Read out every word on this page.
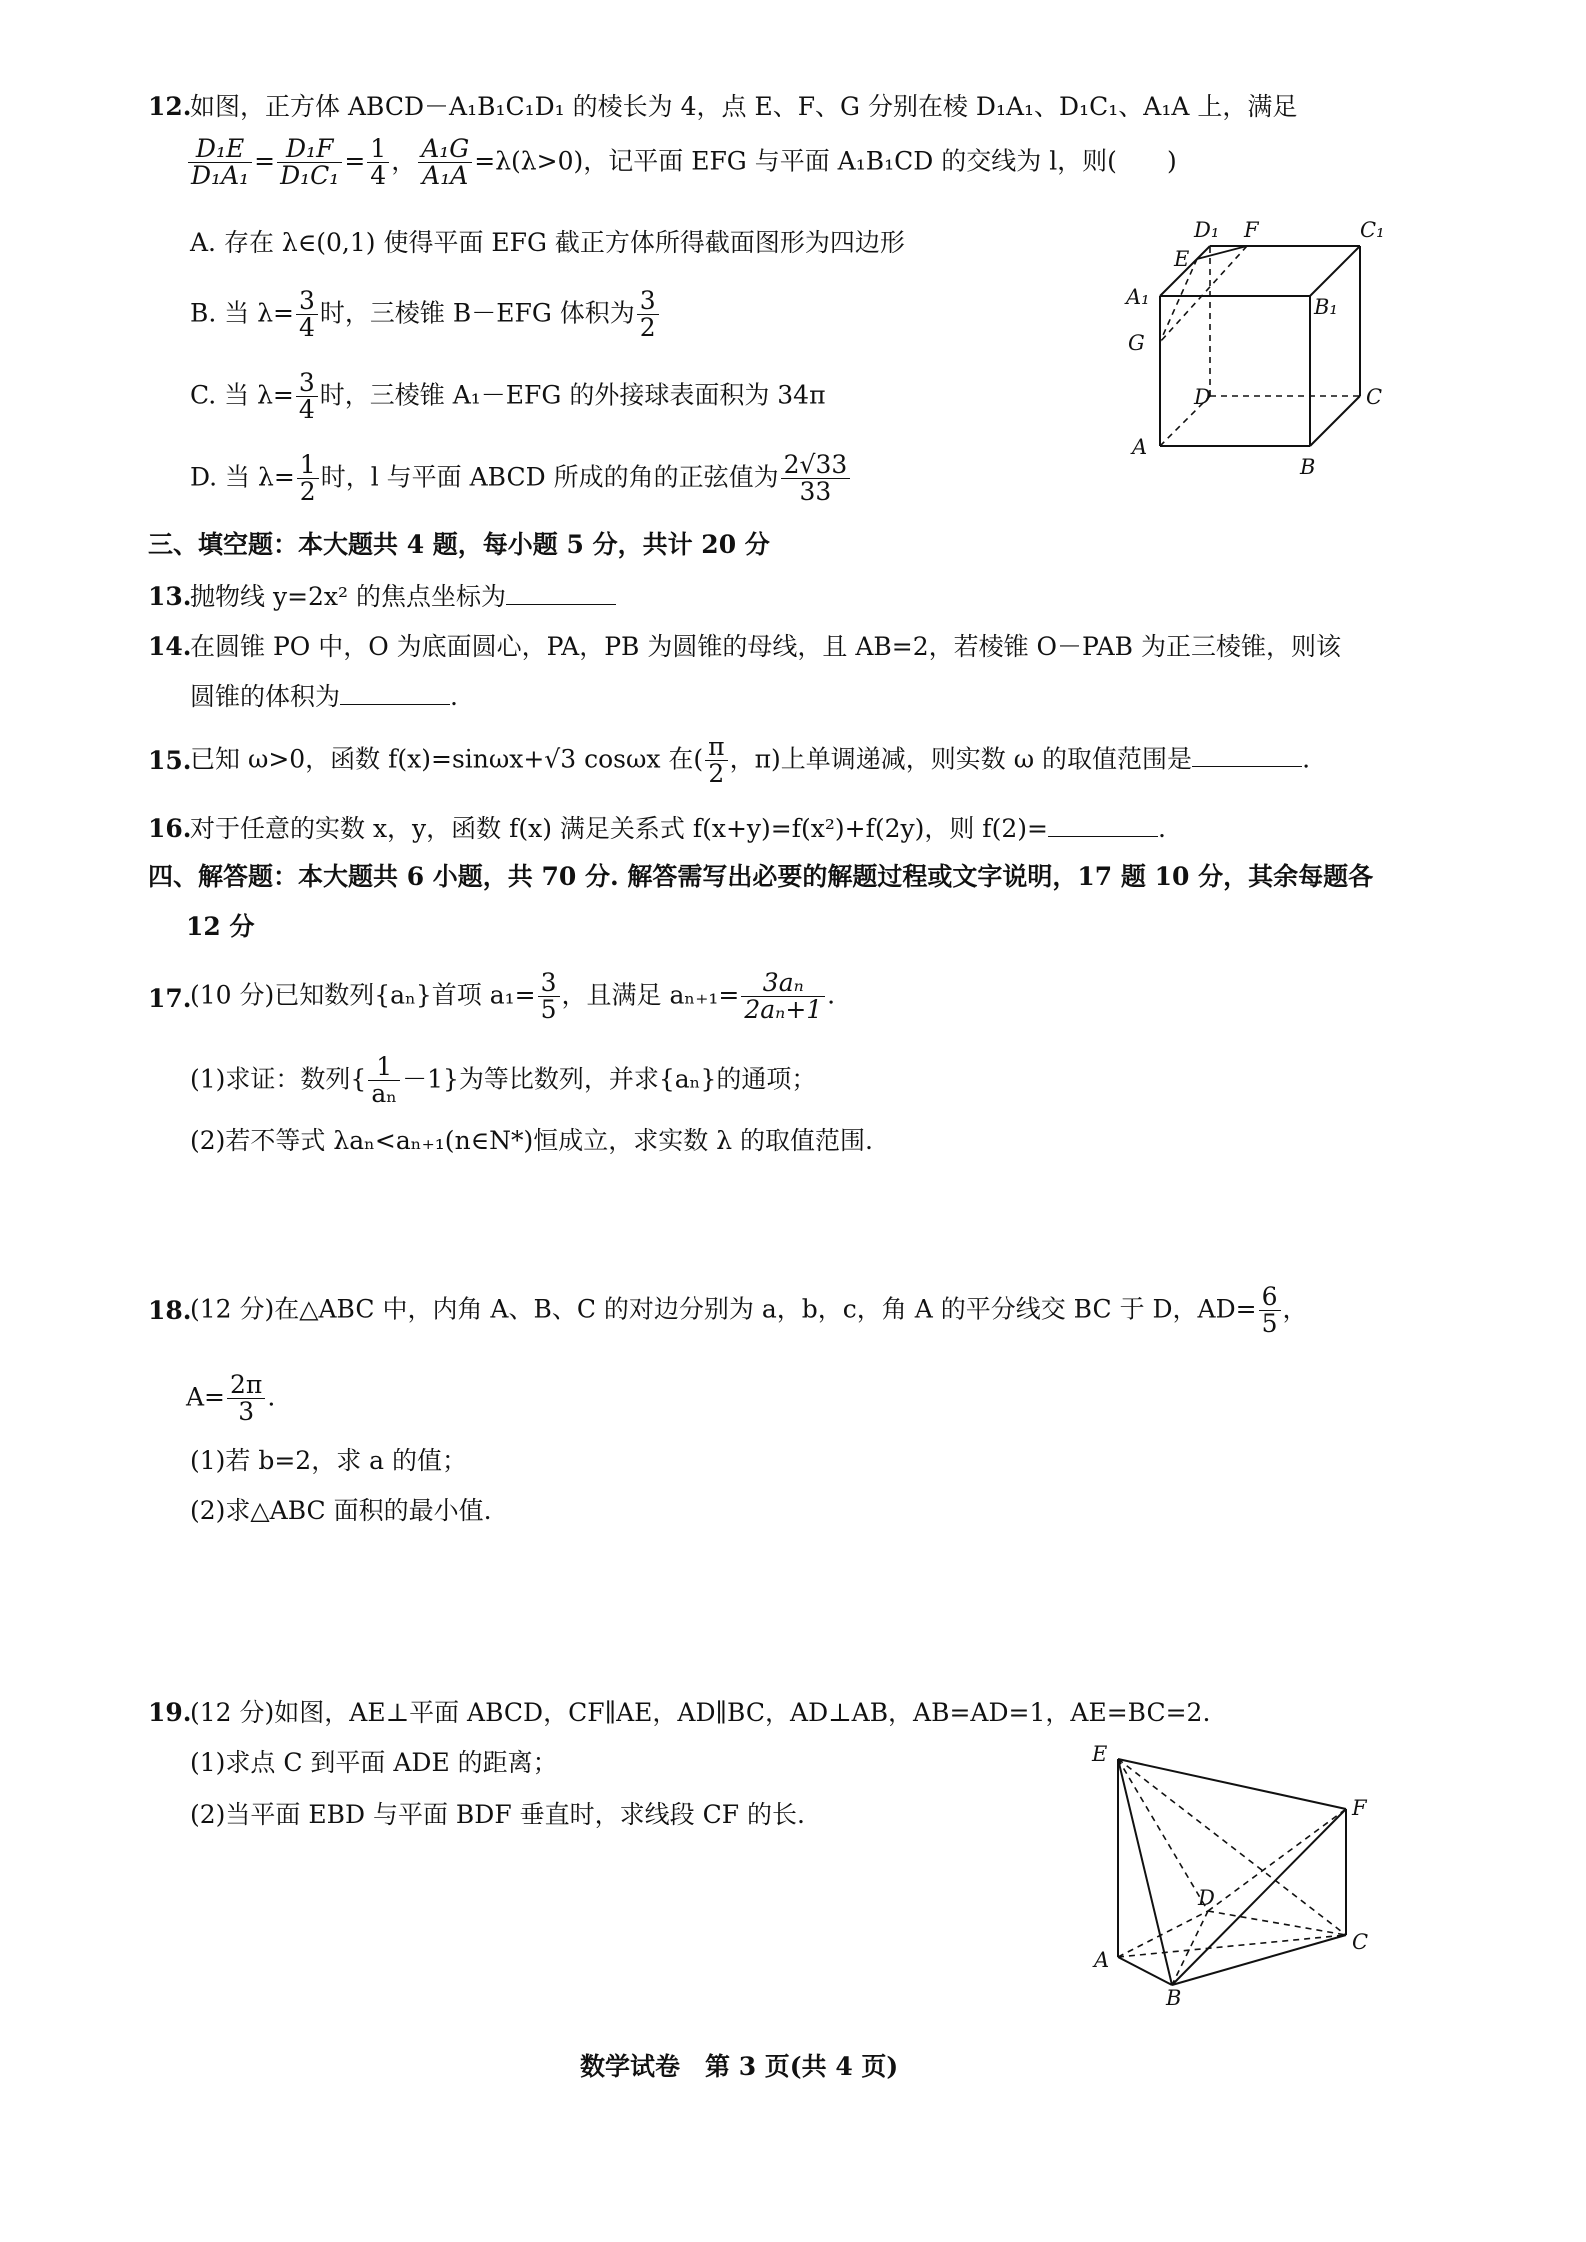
12.
如图，正方体 ABCD－A₁B₁C₁D₁ 的棱长为 4，点 E、F、G 分别在棱 D₁A₁、D₁C₁、A₁A 上，满足
$\frac{\text{D₁E}}{\text{D₁A₁}} = \frac{\text{D₁F}}{\text{D₁C₁}} = \frac{1}{4}$ ， $\frac{\text{A₁G}}{\text{A₁A}} =\lambda(\lambda>0)$，记平面 EFG 与平面 A₁B₁CD 的交线为 l，则(　　)
A. 存在 λ∈(0,1) 使得平面 EFG 截正方体所得截面图形为四边形
B. 当 $\lambda= \frac{3}{4}$ 时，三棱锥 B－EFG 体积为 $\frac{3}{2}$
C. 当 $\lambda= \frac{3}{4}$ 时，三棱锥 A₁－EFG 的外接球表面积为 34π
D. 当 $\lambda= \frac{1}{2}$ 时，l 与平面 ABCD 所成的角的正弦值为 $\frac{2√33}{33}$
D₁ F	C₁
E
A₁	B₁
G
D	C
A
B
三、填空题：本大题共 4 题，每小题 5 分，共计 20 分
13.
抛物线 y=2x² 的焦点坐标为
14.
在圆锥 PO 中，O 为底面圆心，PA，PB 为圆锥的母线，且 AB=2，若棱锥 O－PAB 为正三棱锥，则该
圆锥的体积为	.
15.
已知 ω>0，函数 f(x)=sinωx+√3 cosωx 在( $\frac{\pi}{2}$ ，π)上单调递减，则实数 ω 的取值范围是	.
16.
对于任意的实数 x，y，函数 f(x) 满足关系式 f(x+y)=f(x²)+f(2y)，则 f(2)=	.
四、解答题：本大题共 6 小题，共 70 分. 解答需写出必要的解题过程或文字说明，17 题 10 分，其余每题各
12 分
17.
(10 分)已知数列{aₙ}首项 $a_1= \frac{3}{5}$ ，且满足 $a_{n+1}= \frac{\text{3aₙ}}{\text{2aₙ+1}}$ .
(1)求证：数列{ $\frac{1}{\text{aₙ}} -1$}为等比数列，并求{aₙ}的通项；
(2)若不等式 λaₙ<aₙ₊₁(n∈N*)恒成立，求实数 λ 的取值范围.
18.
(12 分)在△ABC 中，内角 A、B、C 的对边分别为 a，b，c，角 A 的平分线交 BC 于 D，$AD= \frac{6}{5}$ ，
$A= \frac{2\pi}{3}$ .
(1)若 b=2，求 a 的值；
(2)求△ABC 面积的最小值.
19.
(12 分)如图，AE⊥平面 ABCD，CF∥AE，AD∥BC，AD⊥AB，AB=AD=1，AE=BC=2.
(1)求点 C 到平面 ADE 的距离；
(2)当平面 EBD 与平面 BDF 垂直时，求线段 CF 的长.
E
F
D
C
A
B
数学试卷　第 3 页(共 4 页)
